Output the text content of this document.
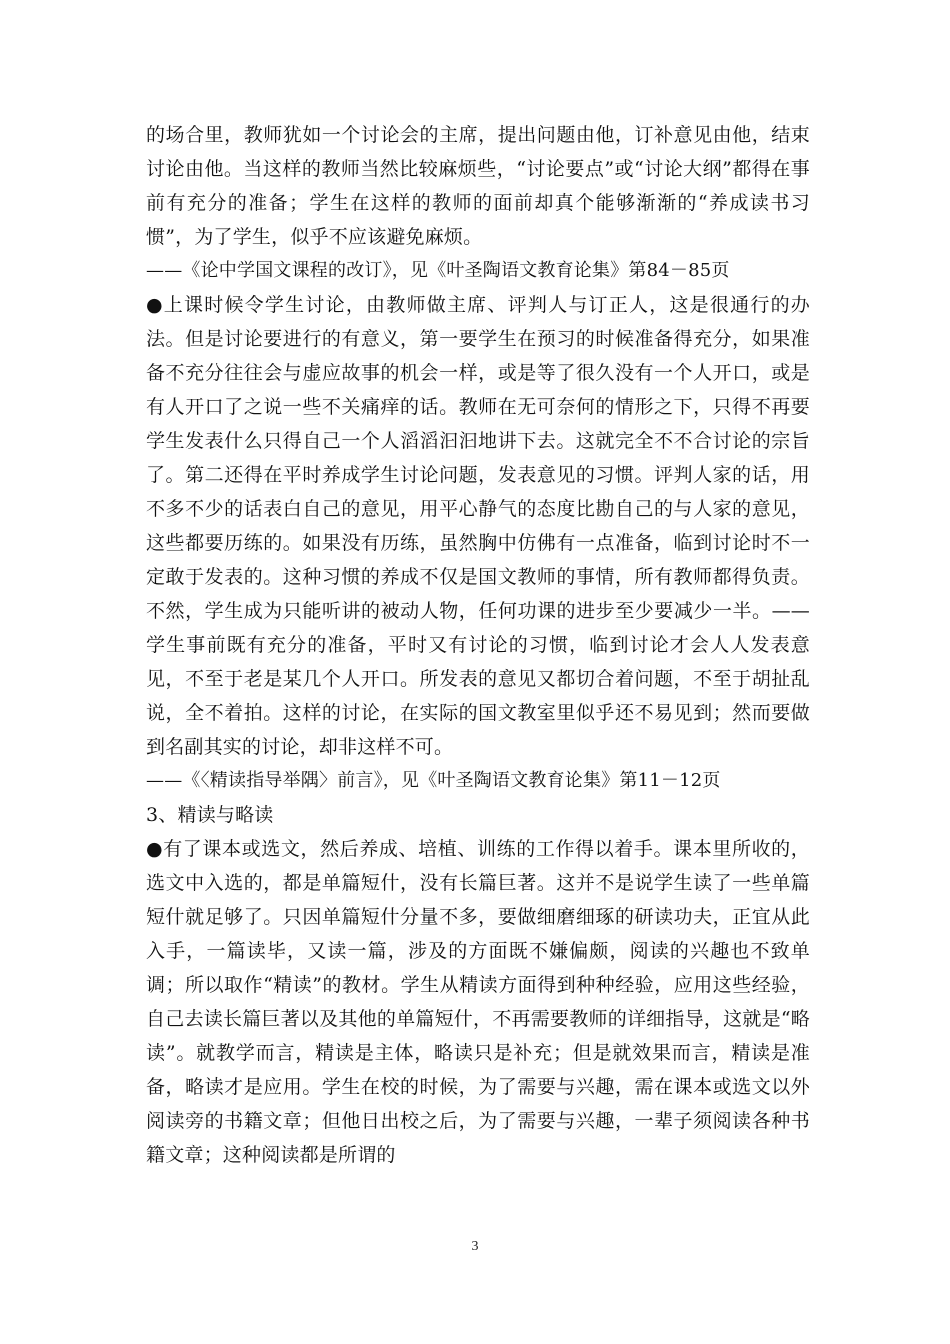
的场合里，教师犹如一个讨论会的主席，提出问题由他，订补意见由他，结束讨论由他。当这样的教师当然比较麻烦些，“讨论要点”或“讨论大纲”都得在事前有充分的准备；学生在这样的教师的面前却真个能够渐渐的“养成读书习惯”，为了学生，似乎不应该避免麻烦。

——《论中学国文课程的改订》，见《叶圣陶语文教育论集》第84－85页

●上课时候令学生讨论，由教师做主席、评判人与订正人，这是很通行的办法。但是讨论要进行的有意义，第一要学生在预习的时候准备得充分，如果准备不充分往往会与虚应故事的机会一样，或是等了很久没有一个人开口，或是有人开口了之说一些不关痛痒的话。教师在无可奈何的情形之下，只得不再要学生发表什么只得自己一个人滔滔汩汩地讲下去。这就完全不不合讨论的宗旨了。第二还得在平时养成学生讨论问题，发表意见的习惯。评判人家的话，用不多不少的话表白自己的意见，用平心静气的态度比勘自己的与人家的意见，这些都要历练的。如果没有历练，虽然胸中仿佛有一点准备，临到讨论时不一定敢于发表的。这种习惯的养成不仅是国文教师的事情，所有教师都得负责。不然，学生成为只能听讲的被动人物，任何功课的进步至少要减少一半。——学生事前既有充分的准备，平时又有讨论的习惯，临到讨论才会人人发表意见，不至于老是某几个人开口。所发表的意见又都切合着问题，不至于胡扯乱说，全不着拍。这样的讨论，在实际的国文教室里似乎还不易见到；然而要做到名副其实的讨论，却非这样不可。

——《〈精读指导举隅〉前言》，见《叶圣陶语文教育论集》第11－12页

3、精读与略读

●有了课本或选文，然后养成、培植、训练的工作得以着手。课本里所收的，选文中入选的，都是单篇短什，没有长篇巨著。这并不是说学生读了一些单篇短什就足够了。只因单篇短什分量不多，要做细磨细琢的研读功夫，正宜从此入手，一篇读毕，又读一篇，涉及的方面既不嫌偏颇，阅读的兴趣也不致单调；所以取作“精读”的教材。学生从精读方面得到种种经验，应用这些经验，自己去读长篇巨著以及其他的单篇短什，不再需要教师的详细指导，这就是“略读”。就教学而言，精读是主体，略读只是补充；但是就效果而言，精读是准备，略读才是应用。学生在校的时候，为了需要与兴趣，需在课本或选文以外阅读旁的书籍文章；但他日出校之后，为了需要与兴趣，一辈子须阅读各种书籍文章；这种阅读都是所谓的

3
